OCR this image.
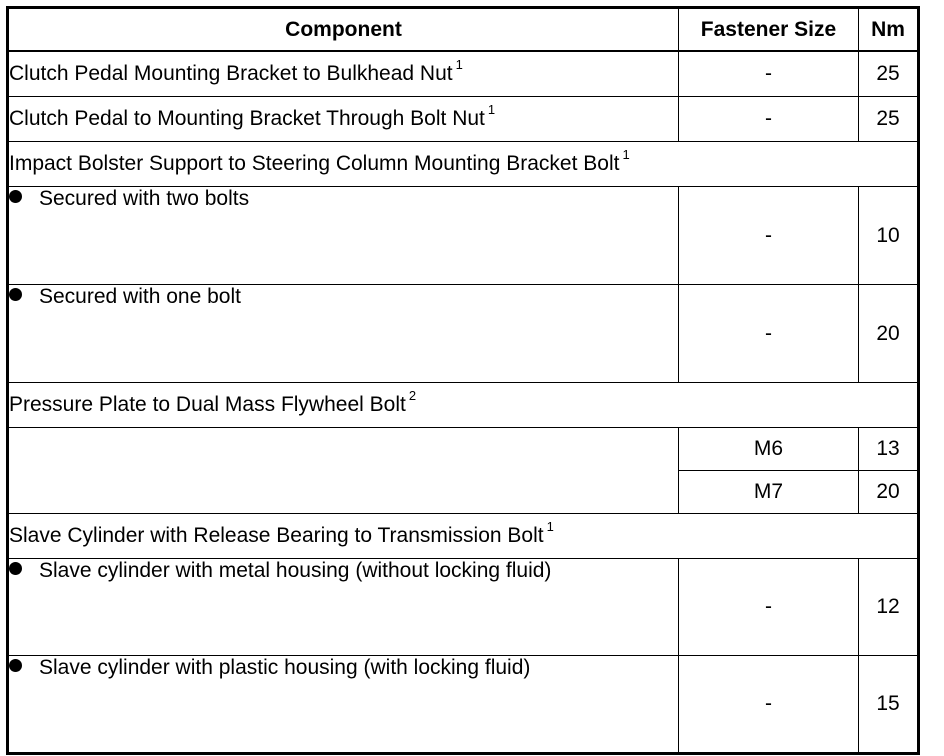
Component	Fastener Size	Nm
Clutch Pedal Mounting Bracket to Bulkhead Nut $^1$	-	25
Clutch Pedal to Mounting Bracket Through Bolt Nut $^1$	-	25
Impact Bolster Support to Steering Column Mounting Bracket Bolt $^1$
Secured with two bolts	-	10
Secured with one bolt	-	20
Pressure Plate to Dual Mass Flywheel Bolt $^2$
	M6	13
	M7	20
Slave Cylinder with Release Bearing to Transmission Bolt $^1$
Slave cylinder with metal housing (without locking fluid)	-	12
Slave cylinder with plastic housing (with locking fluid)	-	15
